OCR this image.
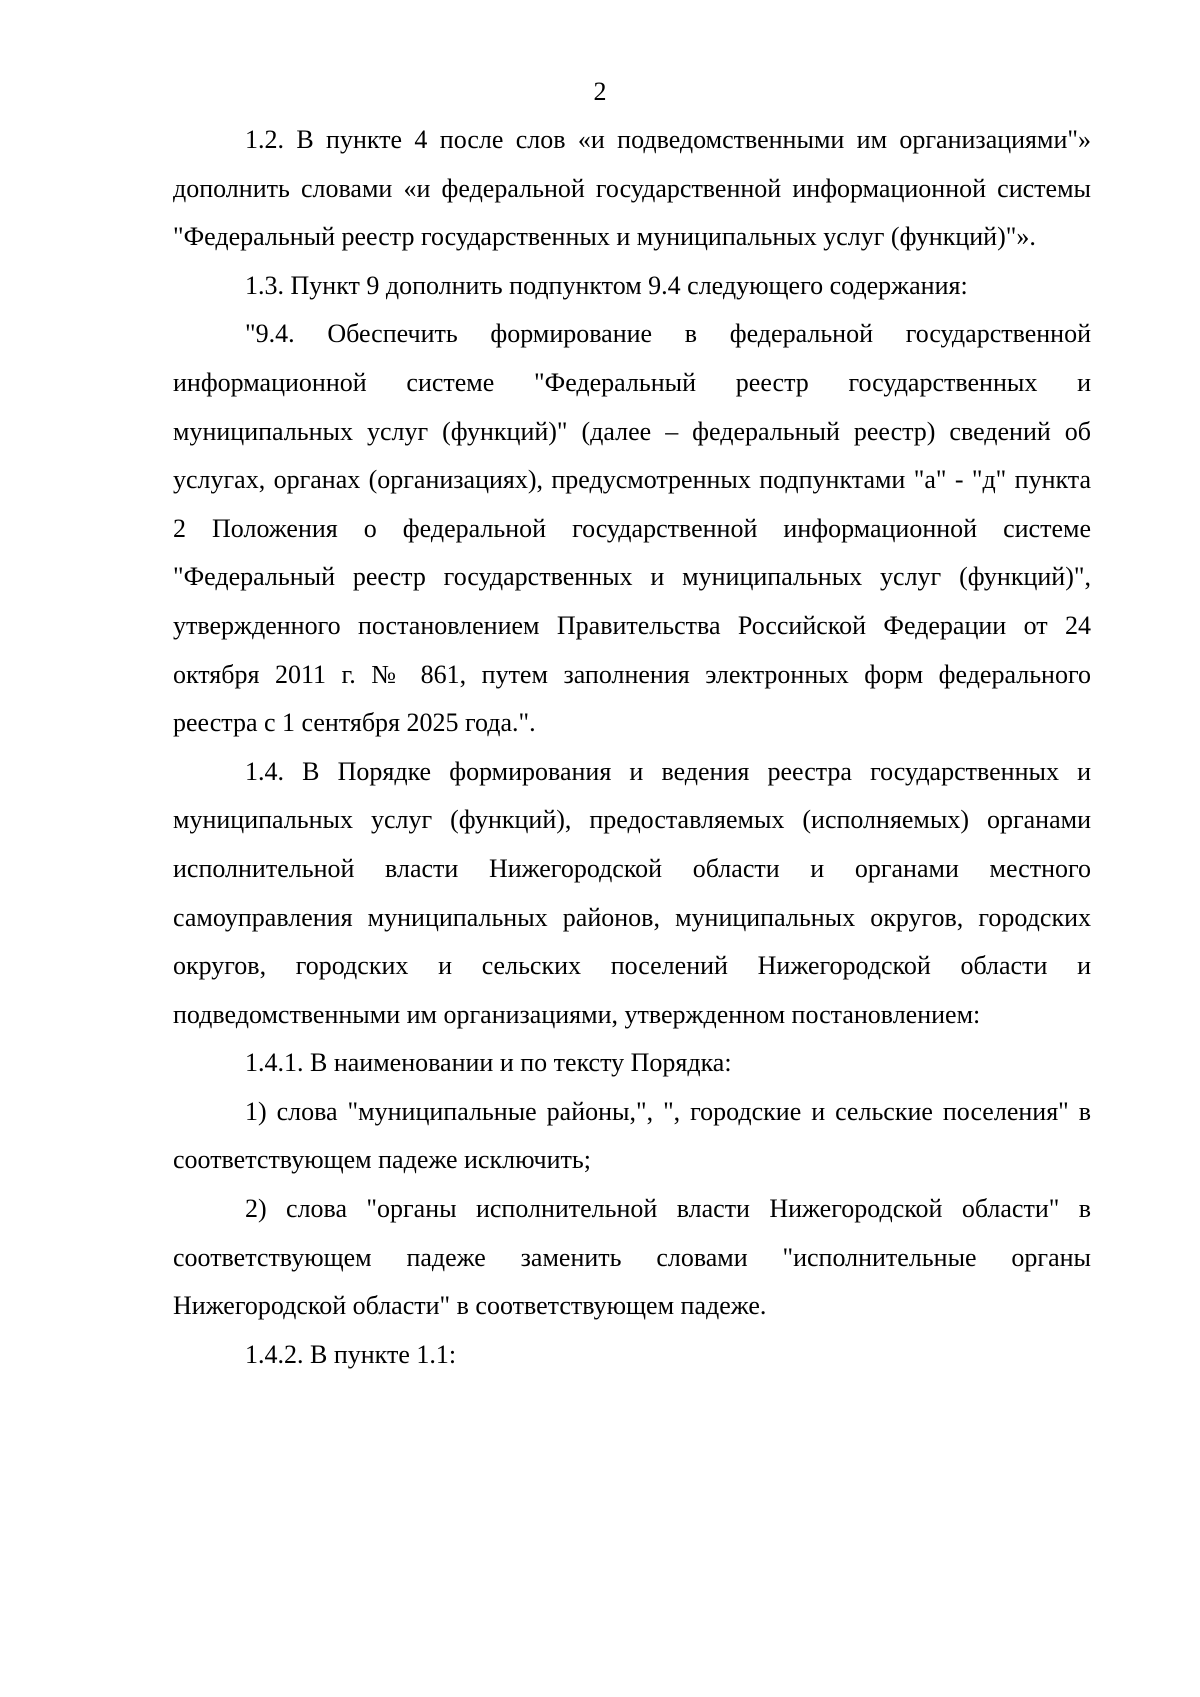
2

1.2. В пункте 4 после слов «и подведомственными им организациями"» дополнить словами «и федеральной государственной информационной системы "Федеральный реестр государственных и муниципальных услуг (функций)"».

1.3. Пункт 9 дополнить подпунктом 9.4 следующего содержания:

"9.4. Обеспечить формирование в федеральной государственной информационной системе "Федеральный реестр государственных и муниципальных услуг (функций)" (далее – федеральный реестр) сведений об услугах, органах (организациях), предусмотренных подпунктами "а" - "д" пункта 2 Положения о федеральной государственной информационной системе "Федеральный реестр государственных и муниципальных услуг (функций)", утвержденного постановлением Правительства Российской Федерации от 24 октября 2011 г. № 861, путем заполнения электронных форм федерального реестра с 1 сентября 2025 года.".

1.4. В Порядке формирования и ведения реестра государственных и муниципальных услуг (функций), предоставляемых (исполняемых) органами исполнительной власти Нижегородской области и органами местного самоуправления муниципальных районов, муниципальных округов, городских округов, городских и сельских поселений Нижегородской области и подведомственными им организациями, утвержденном постановлением:

1.4.1. В наименовании и по тексту Порядка:

1) слова "муниципальные районы,", ", городские и сельские поселения" в соответствующем падеже исключить;

2) слова "органы исполнительной власти Нижегородской области" в соответствующем падеже заменить словами "исполнительные органы Нижегородской области" в соответствующем падеже.

1.4.2. В пункте 1.1:
